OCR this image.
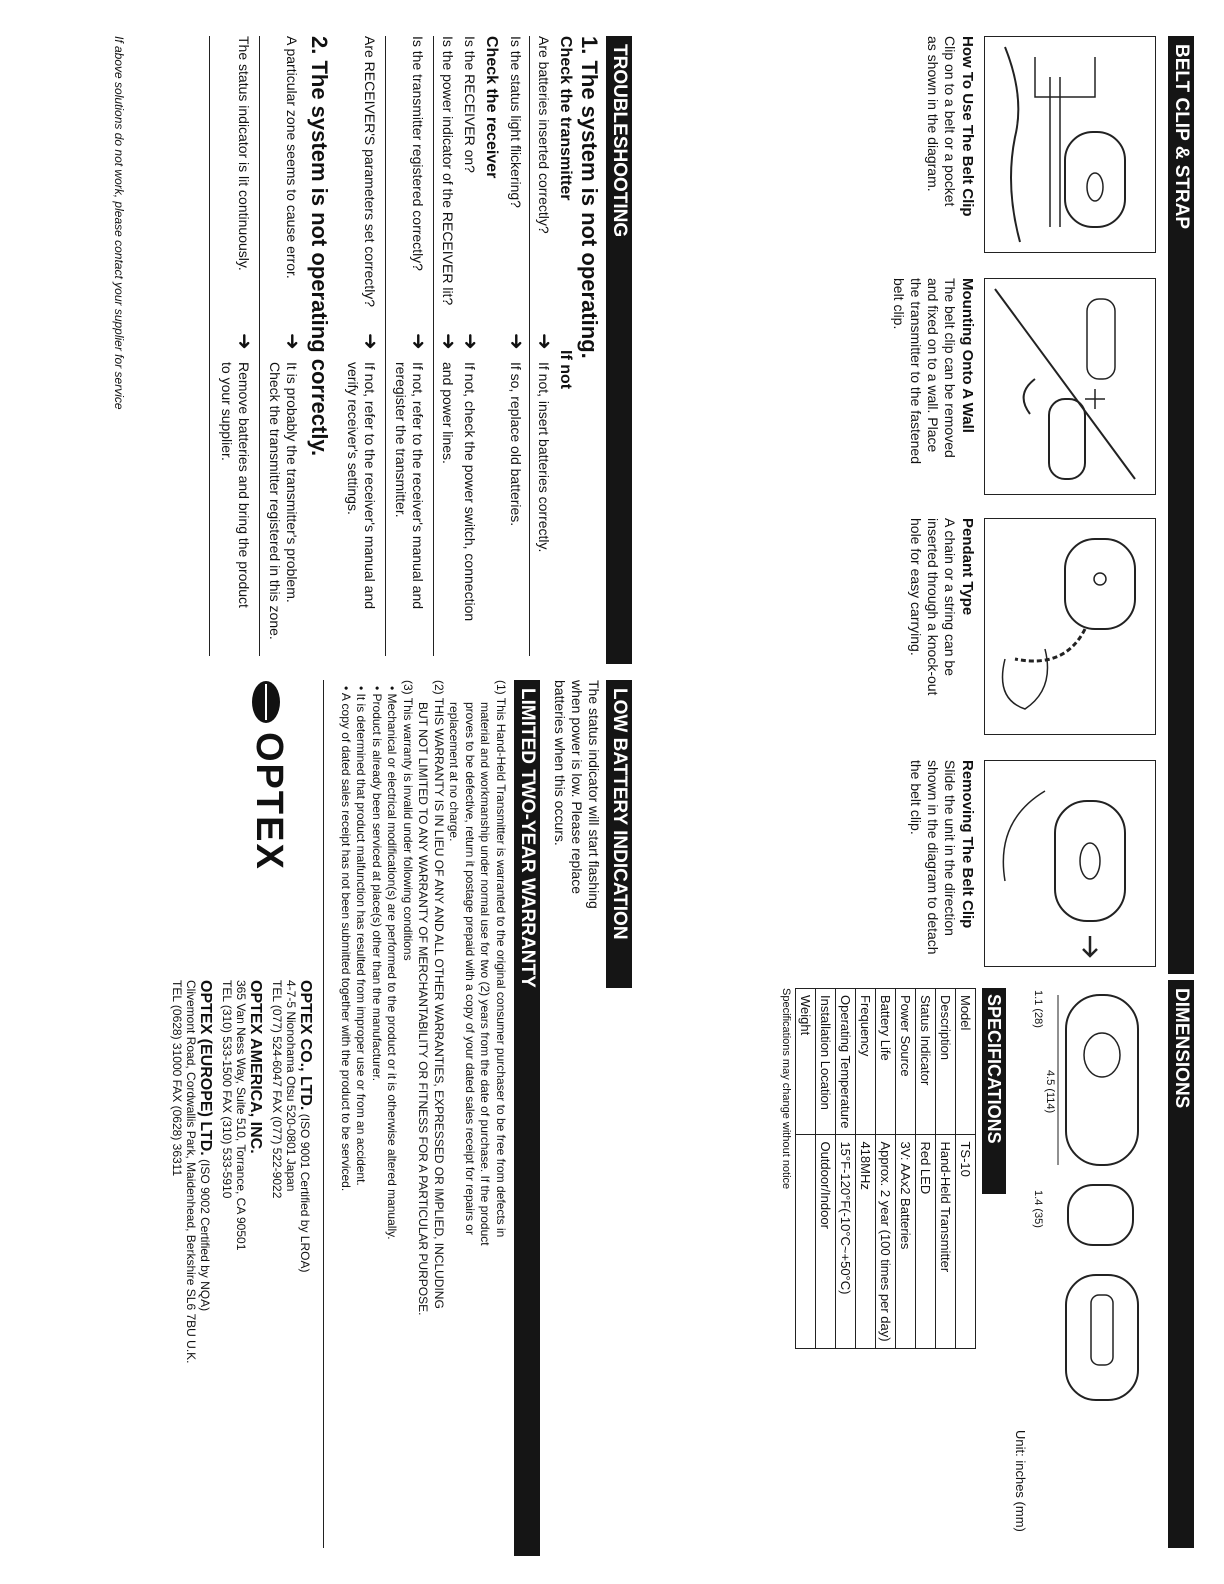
BELT CLIP & STRAP
DIMENSIONS
How To Use The Belt Clip
Clip on to a belt or a pocket
as shown in the diagram.
Mounting Onto A Wall
The belt clip can be removed
and fixed on to a wall. Place
the transmitter to the fastened
belt clip.
Pendant Type
A chain or a string can be
inserted through a knock-out
hole for easy carrying.
Removing The Belt Clip
Slide the unit in the direction
shown in the diagram to detach
the belt clip.
4.5 (114)
1.1 (28)
1.4 (35)
Unit: inches (mm)
SPECIFICATIONS
Model	TS-10
Description	Hand-Held Transmitter
Status Indicator	Red LED
Power Source	3V: AAx2 Batteries
Battery Life	Approx. 2 year (100 times per day)
Frequency	418MHz
Operating Temperature	15°F-120°F(-10°C~+50°C)
Installation Location	Outdoor/Indoor
Weight	
Specifications may change without notice
TROUBLESHOOTING
1. The system is not operating.
Check the transmitter
If not
Are batteries inserted correctly?
➜
If not, insert batteries correctly.
Is the status light flickering?
➜
If so, replace old batteries.
Check the receiver
Is the RECEIVER on?
➜
If not, check the power switch, connection
Is the power indicator of the RECEIVER lit?
➜
and power lines.
Is the transmitter registered correctly?
➜
If not, refer to the receiver's manual and
reregister the transmitter.
Are RECEIVER'S parameters set correctly?
➜
If not, refer to the receiver's manual and
verify receiver's settings.
2. The system is not operating correctly.
A particular zone seems to cause error.
➜
It is probably the transmitter's problem.
Check the transmitter registered in this zone.
The status indicator is lit continuously.
➜
Remove batteries and bring the product
to your supplier.
If above solutions do not work, please contact your supplier for service
LOW BATTERY INDICATION
The status indicator will start flashing
when power is low. Please replace
batteries when this occurs.
LIMITED TWO-YEAR WARRANTY
(1) This Hand-Held Transmitter is warranted to the original consumer purchaser to be free from defects in
material and workmanship under normal use for two (2) years from the date of purchase. If the product
proves to be defective, return it postage prepaid with a copy of your dated sales receipt for repairs or
replacement at no charge.
(2) THIS WARRANTY IS IN LIEU OF ANY AND ALL OTHER WARRANTIES, EXPRESSED OR IMPLIED, INCLUDING
BUT NOT LIMITED TO ANY WARRANTY OF MERCHANTABILITY OR FITNESS FOR A PARTICULAR PURPOSE.
(3) This warranty is invalid under following conditions
• Mechanical or electrical modification(s) are performed to the product or it is otherwise altered manually.
• Product is already been serviced at place(s) other than the manufacturer.
• It is determined that product malfunction has resulted from improper use or from an accident.
• A copy of dated sales receipt has not been submitted together with the product to be serviced.
OPTEX
OPTEX CO., LTD. (ISO 9001 Certified by LROA)
4-7-5 Nionohama Otsu 520-0801 Japan
TEL (077) 524-6047 FAX (077) 522-9022
OPTEX AMERICA, INC.
365 Van Ness Way, Suite 510, Torrance, CA 90501
TEL (310) 533-1500 FAX (310) 533-5910
OPTEX (EUROPE) LTD. (ISO 9002 Certified by NQA)
Clivemont Road, Cordwallis Park, Maidenhead, Berkshire SL6 7BU U.K.
TEL (0628) 31000 FAX (0628) 36311
